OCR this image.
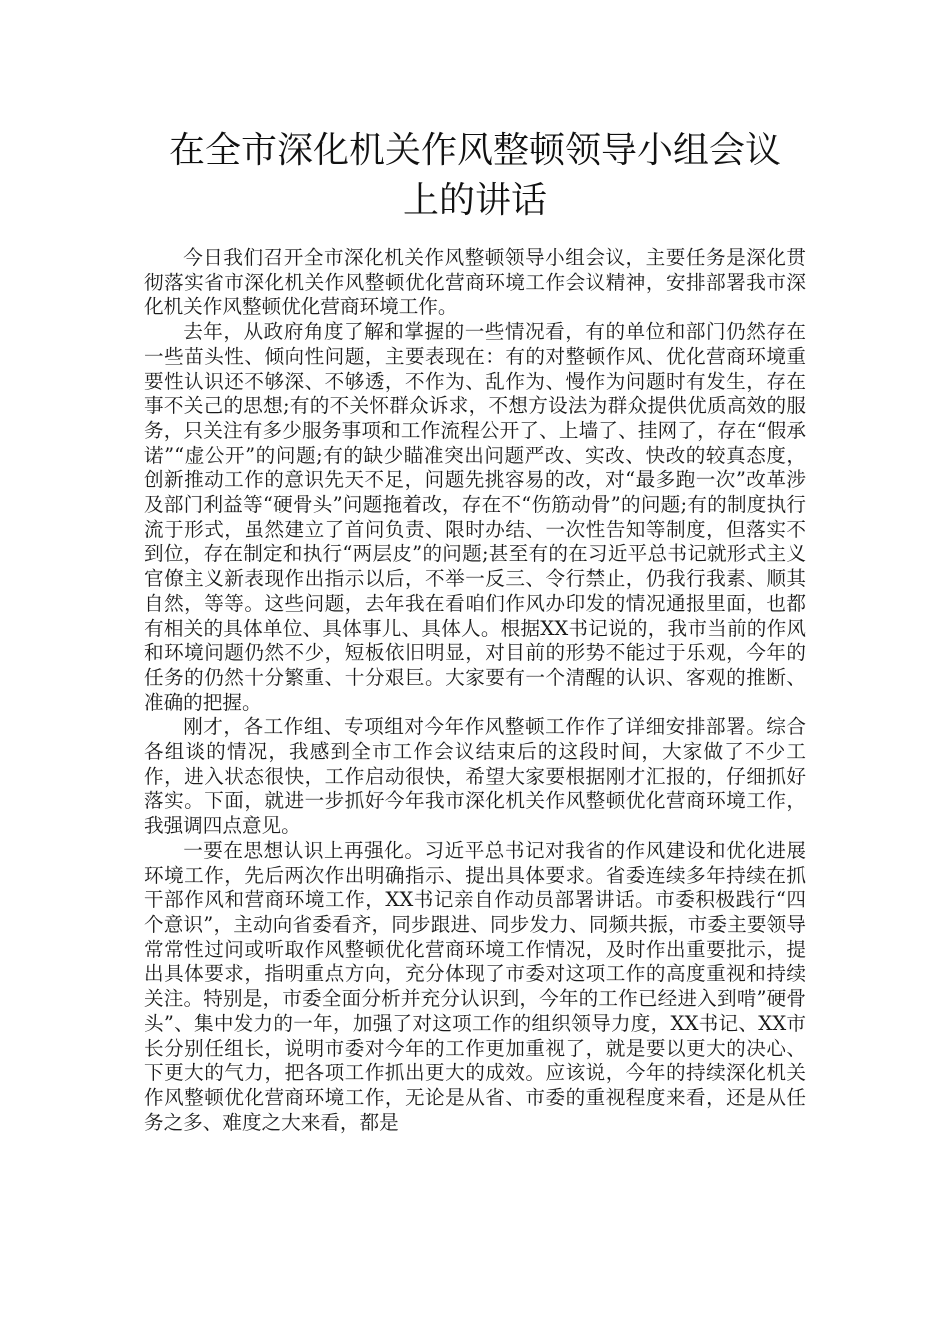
在全市深化机关作风整顿领导小组会议
上的讲话

今日我们召开全市深化机关作风整顿领导小组会议，主要任务是深化贯彻落实省市深化机关作风整顿优化营商环境工作会议精神，安排部署我市深化机关作风整顿优化营商环境工作。

去年，从政府角度了解和掌握的一些情况看，有的单位和部门仍然存在一些苗头性、倾向性问题，主要表现在：有的对整顿作风、优化营商环境重要性认识还不够深、不够透，不作为、乱作为、慢作为问题时有发生，存在事不关己的思想;有的不关怀群众诉求，不想方设法为群众提供优质高效的服务，只关注有多少服务事项和工作流程公开了、上墙了、挂网了，存在“假承诺”“虚公开”的问题;有的缺少瞄准突出问题严改、实改、快改的较真态度，创新推动工作的意识先天不足，问题先挑容易的改，对“最多跑一次”改革涉及部门利益等“硬骨头”问题拖着改，存在不“伤筋动骨”的问题;有的制度执行流于形式，虽然建立了首问负责、限时办结、一次性告知等制度，但落实不到位，存在制定和执行“两层皮”的问题;甚至有的在习近平总书记就形式主义官僚主义新表现作出指示以后，不举一反三、令行禁止，仍我行我素、顺其自然，等等。这些问题，去年我在看咱们作风办印发的情况通报里面，也都有相关的具体单位、具体事儿、具体人。根据XX书记说的，我市当前的作风和环境问题仍然不少，短板依旧明显，对目前的形势不能过于乐观，今年的任务的仍然十分繁重、十分艰巨。大家要有一个清醒的认识、客观的推断、准确的把握。

刚才，各工作组、专项组对今年作风整顿工作作了详细安排部署。综合各组谈的情况，我感到全市工作会议结束后的这段时间，大家做了不少工作，进入状态很快，工作启动很快，希望大家要根据刚才汇报的，仔细抓好落实。下面，就进一步抓好今年我市深化机关作风整顿优化营商环境工作，我强调四点意见。

一要在思想认识上再强化。习近平总书记对我省的作风建设和优化进展环境工作，先后两次作出明确指示、提出具体要求。省委连续多年持续在抓干部作风和营商环境工作，XX书记亲自作动员部署讲话。市委积极践行“四个意识”，主动向省委看齐，同步跟进、同步发力、同频共振，市委主要领导常常性过问或听取作风整顿优化营商环境工作情况，及时作出重要批示，提出具体要求，指明重点方向，充分体现了市委对这项工作的高度重视和持续关注。特别是，市委全面分析并充分认识到，今年的工作已经进入到啃”硬骨头”、集中发力的一年，加强了对这项工作的组织领导力度，XX书记、XX市长分别任组长，说明市委对今年的工作更加重视了，就是要以更大的决心、下更大的气力，把各项工作抓出更大的成效。应该说，今年的持续深化机关作风整顿优化营商环境工作，无论是从省、市委的重视程度来看，还是从任务之多、难度之大来看，都是
